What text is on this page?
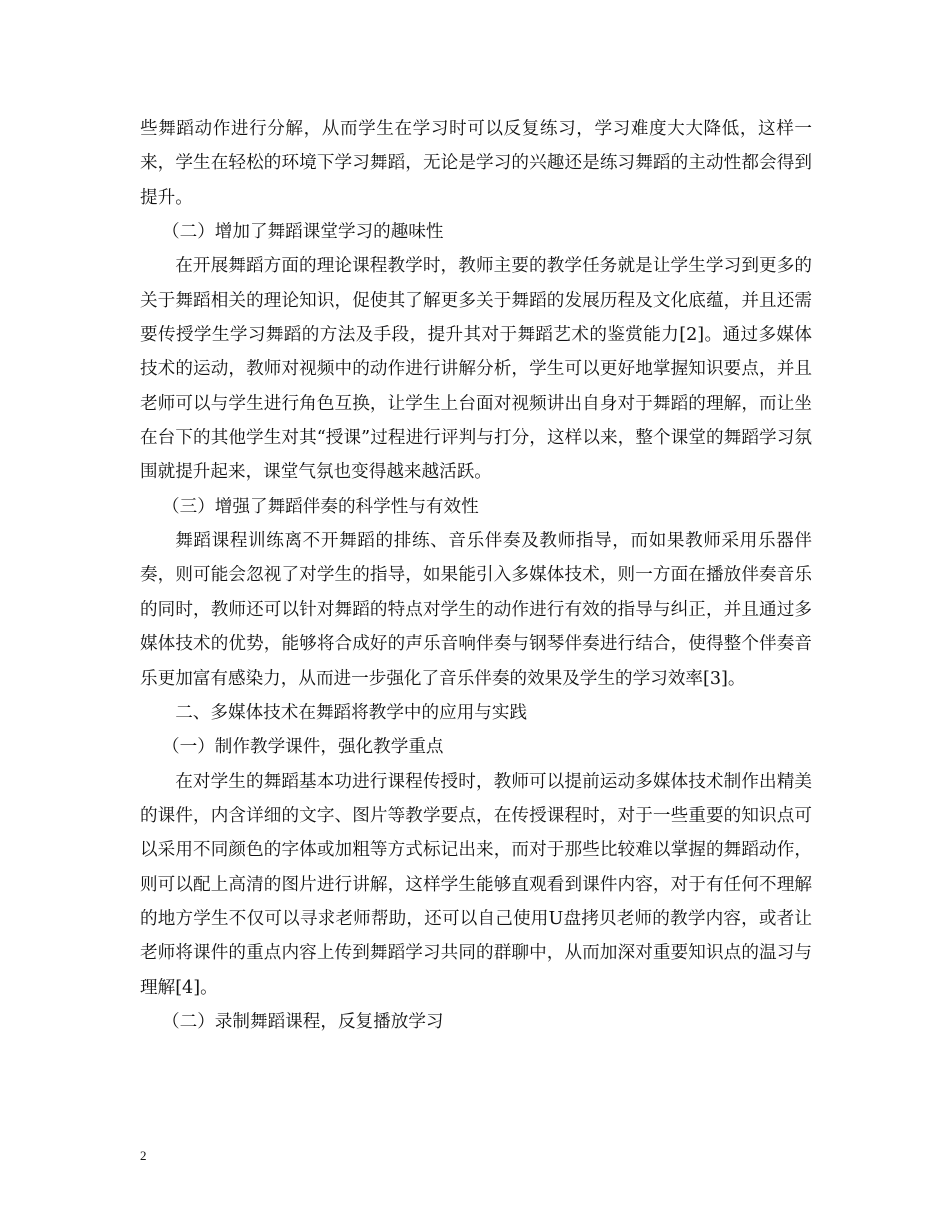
些舞蹈动作进行分解，从而学生在学习时可以反复练习，学习难度大大降低，这样一来，学生在轻松的环境下学习舞蹈，无论是学习的兴趣还是练习舞蹈的主动性都会得到提升。

（二）增加了舞蹈课堂学习的趣味性

在开展舞蹈方面的理论课程教学时，教师主要的教学任务就是让学生学习到更多的关于舞蹈相关的理论知识，促使其了解更多关于舞蹈的发展历程及文化底蕴，并且还需要传授学生学习舞蹈的方法及手段，提升其对于舞蹈艺术的鉴赏能力[2]。通过多媒体技术的运动，教师对视频中的动作进行讲解分析，学生可以更好地掌握知识要点，并且老师可以与学生进行角色互换，让学生上台面对视频讲出自身对于舞蹈的理解，而让坐在台下的其他学生对其“授课”过程进行评判与打分，这样以来，整个课堂的舞蹈学习氛围就提升起来，课堂气氛也变得越来越活跃。

（三）增强了舞蹈伴奏的科学性与有效性

舞蹈课程训练离不开舞蹈的排练、音乐伴奏及教师指导，而如果教师采用乐器伴奏，则可能会忽视了对学生的指导，如果能引入多媒体技术，则一方面在播放伴奏音乐的同时，教师还可以针对舞蹈的特点对学生的动作进行有效的指导与纠正，并且通过多媒体技术的优势，能够将合成好的声乐音响伴奏与钢琴伴奏进行结合，使得整个伴奏音乐更加富有感染力，从而进一步强化了音乐伴奏的效果及学生的学习效率[3]。

二、多媒体技术在舞蹈将教学中的应用与实践

（一）制作教学课件，强化教学重点

在对学生的舞蹈基本功进行课程传授时，教师可以提前运动多媒体技术制作出精美的课件，内含详细的文字、图片等教学要点，在传授课程时，对于一些重要的知识点可以采用不同颜色的字体或加粗等方式标记出来，而对于那些比较难以掌握的舞蹈动作，则可以配上高清的图片进行讲解，这样学生能够直观看到课件内容，对于有任何不理解的地方学生不仅可以寻求老师帮助，还可以自己使用U盘拷贝老师的教学内容，或者让老师将课件的重点内容上传到舞蹈学习共同的群聊中，从而加深对重要知识点的温习与理解[4]。

（二）录制舞蹈课程，反复播放学习

2
